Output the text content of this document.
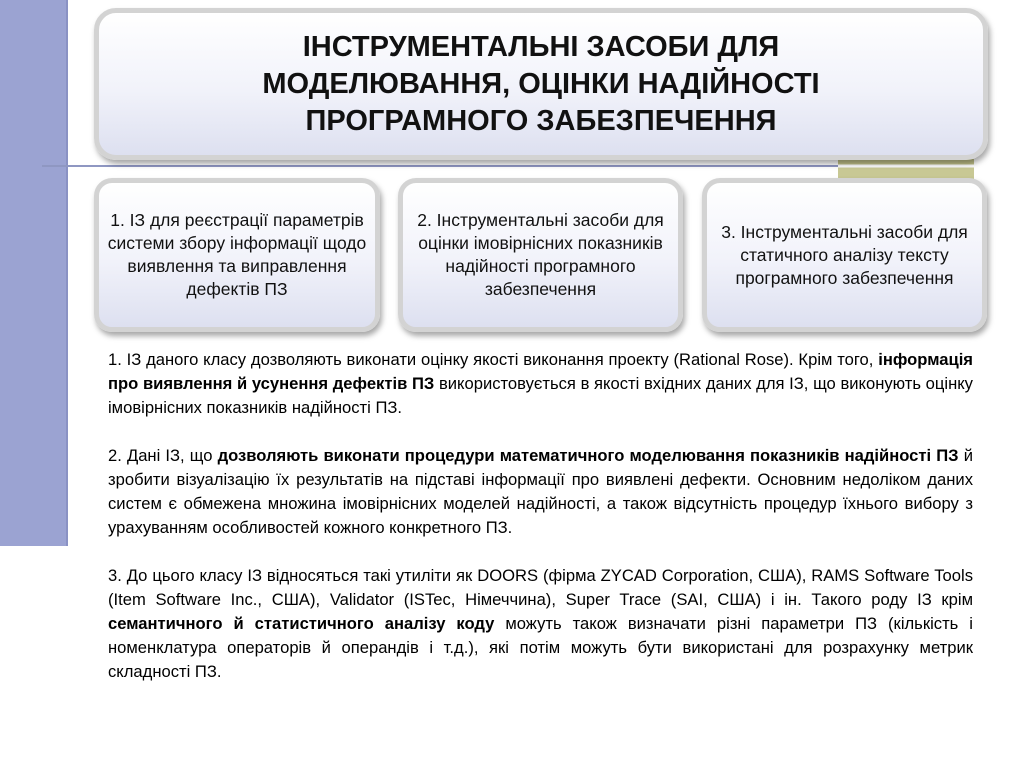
ІНСТРУМЕНТАЛЬНІ ЗАСОБИ ДЛЯ МОДЕЛЮВАННЯ, ОЦІНКИ НАДІЙНОСТІ ПРОГРАМНОГО ЗАБЕЗПЕЧЕННЯ
1. ІЗ для реєстрації параметрів системи збору інформації щодо виявлення та виправлення дефектів ПЗ
2. Інструментальні засоби для оцінки імовірнісних показників надійності програмного забезпечення
3. Інструментальні засоби для статичного аналізу тексту програмного забезпечення

1. ІЗ даного класу дозволяють виконати оцінку якості виконання проекту (Rational Rose). Крім того, інформація про виявлення й усунення дефектів ПЗ використовується в якості вхідних даних для ІЗ, що виконують оцінку імовірнісних показників надійності ПЗ.

2. Дані ІЗ, що дозволяють виконати процедури математичного моделювання показників надійності ПЗ й зробити візуалізацію їх результатів на підставі інформації про виявлені дефекти. Основним недоліком даних систем є обмежена множина імовірнісних моделей надійності, а також відсутність процедур їхнього вибору з урахуванням особливостей кожного конкретного ПЗ.

3. До цього класу ІЗ відносяться такі утиліти як DOORS (фірма ZYCAD Corporation, США), RAMS Software Tools (Item Software Inc., США), Validator (ISTec, Німеччина), Super Trace (SAI, США) і ін. Такого роду ІЗ крім семантичного й статистичного аналізу коду можуть також визначати різні параметри ПЗ (кількість і номенклатура операторів й операндів і т.д.), які потім можуть бути використані для розрахунку метрик складності ПЗ.
